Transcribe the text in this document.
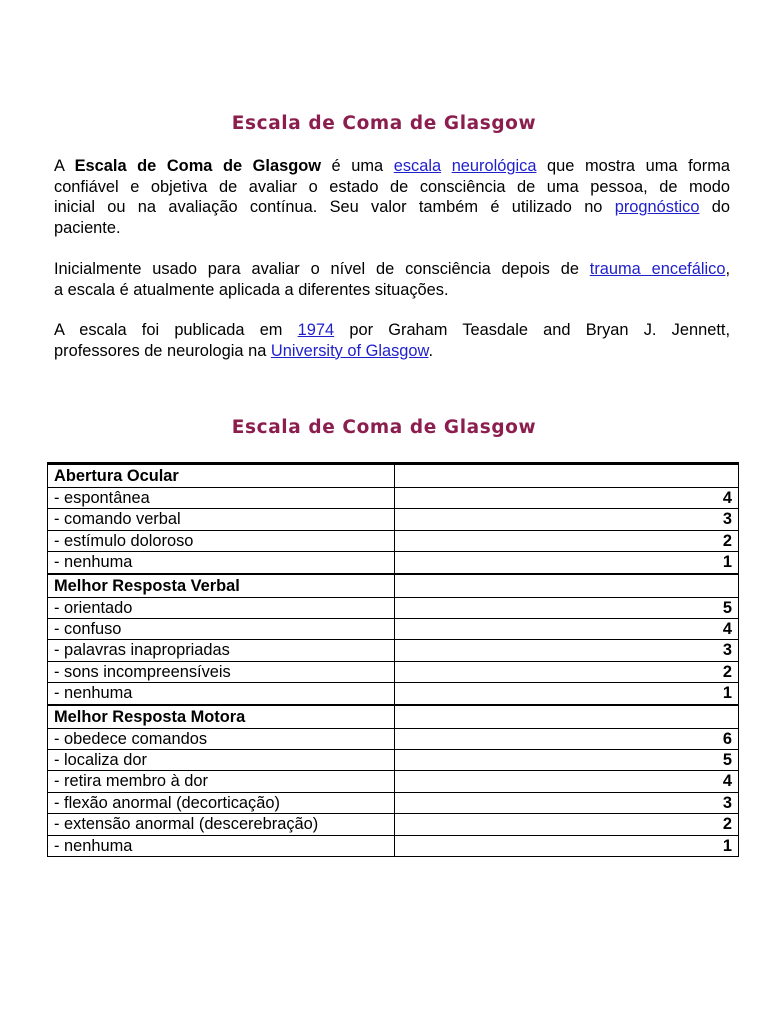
Escala de Coma de Glasgow
A Escala de Coma de Glasgow é uma escala neurológica que mostra uma forma
confiável e objetiva de avaliar o estado de consciência de uma pessoa, de modo
inicial ou na avaliação contínua. Seu valor também é utilizado no prognóstico do
paciente.
Inicialmente usado para avaliar o nível de consciência depois de trauma encefálico,
a escala é atualmente aplicada a diferentes situações.
A escala foi publicada em 1974 por Graham Teasdale and Bryan J. Jennett,
professores de neurologia na University of Glasgow.
Escala de Coma de Glasgow
Abertura Ocular	
- espontânea	4
- comando verbal	3
- estímulo doloroso	2
- nenhuma	1
Melhor Resposta Verbal	
- orientado	5
- confuso	4
- palavras inapropriadas	3
- sons incompreensíveis	2
- nenhuma	1
Melhor Resposta Motora	
- obedece comandos	6
- localiza dor	5
- retira membro à dor	4
- flexão anormal (decorticação)	3
- extensão anormal (descerebração)	2
- nenhuma	1
